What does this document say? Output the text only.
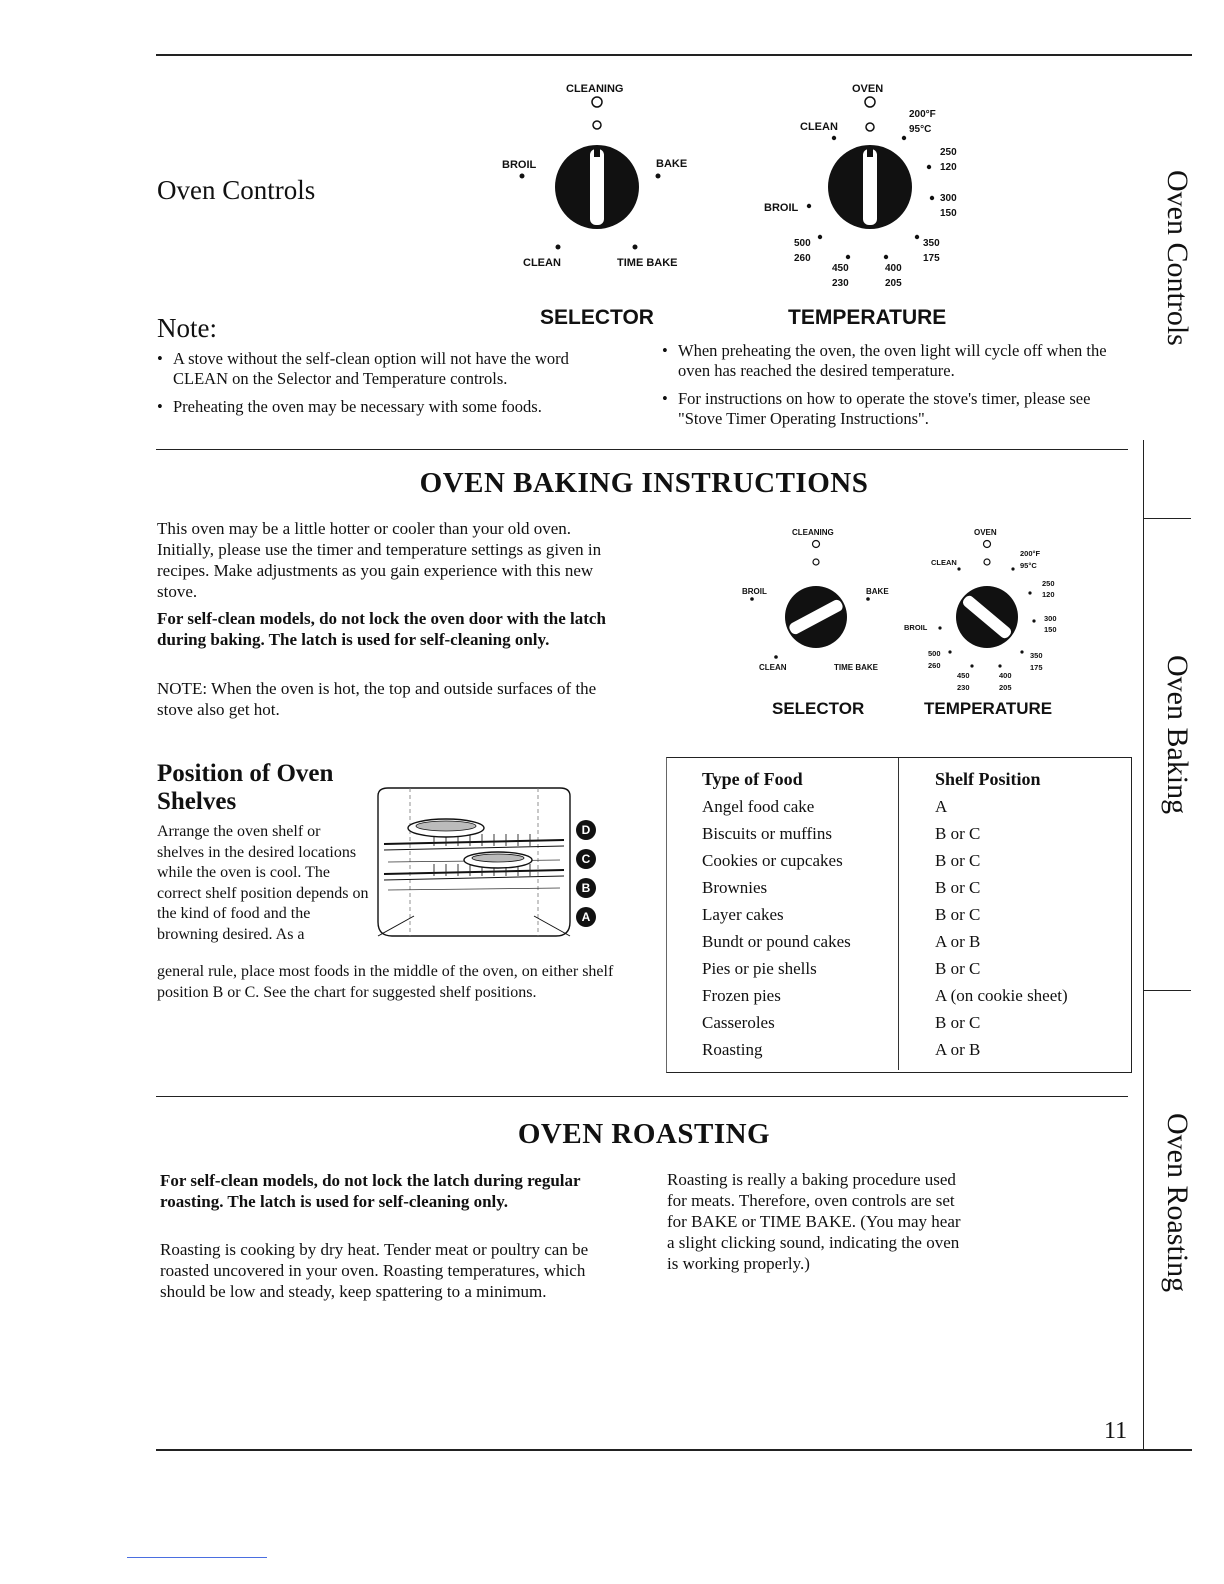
Oven Controls
Oven Baking
Oven Roasting
Oven Controls
CLEANING
BROIL	BAKE
CLEAN	TIME BAKE
SELECTOR
OVEN
CLEAN
200°F
95°C
250
120
300
150
BROIL
350
175
500
260
450
230
400
205
TEMPERATURE
Note:
• A stove without the self-clean option will not have the word CLEAN on the Selector and Temperature controls.
• Preheating the oven may be necessary with some foods.
• When preheating the oven, the oven light will cycle off when the oven has reached the desired temperature.
• For instructions on how to operate the stove's timer, please see "Stove Timer Operating Instructions".
OVEN BAKING INSTRUCTIONS
This oven may be a little hotter or cooler than your old oven. Initially, please use the timer and temperature settings as given in recipes. Make adjustments as you gain experience with this new stove.
For self-clean models, do not lock the oven door with the latch during baking. The latch is used for self-cleaning only.
NOTE: When the oven is hot, the top and outside surfaces of the stove also get hot.
CLEANING
BROIL	BAKE
CLEAN	TIME BAKE
SELECTOR
OVEN
CLEAN
200°F
95°C
250
120
300
150
BROIL
350
175
500
260
450
230
400
205
TEMPERATURE
Position of Oven
Shelves
Arrange the oven shelf or shelves in the desired locations while the oven is cool. The correct shelf position depends on the kind of food and the browning desired. As a
general rule, place most foods in the middle of the oven, on either shelf position B or C. See the chart for suggested shelf positions.
D
C
B
A
Type of Food	Shelf Position
Angel food cake	A
Biscuits or muffins	B or C
Cookies or cupcakes	B or C
Brownies	B or C
Layer cakes	B or C
Bundt or pound cakes	A or B
Pies or pie shells	B or C
Frozen pies	A (on cookie sheet)
Casseroles	B or C
Roasting	A or B
OVEN ROASTING
For self-clean models, do not lock the latch during regular roasting. The latch is used for self-cleaning only.
Roasting is cooking by dry heat. Tender meat or poultry can be roasted uncovered in your oven. Roasting temperatures, which should be low and steady, keep spattering to a minimum.
Roasting is really a baking procedure used for meats. Therefore, oven controls are set for BAKE or TIME BAKE. (You may hear a slight clicking sound, indicating the oven is working properly.)
11
